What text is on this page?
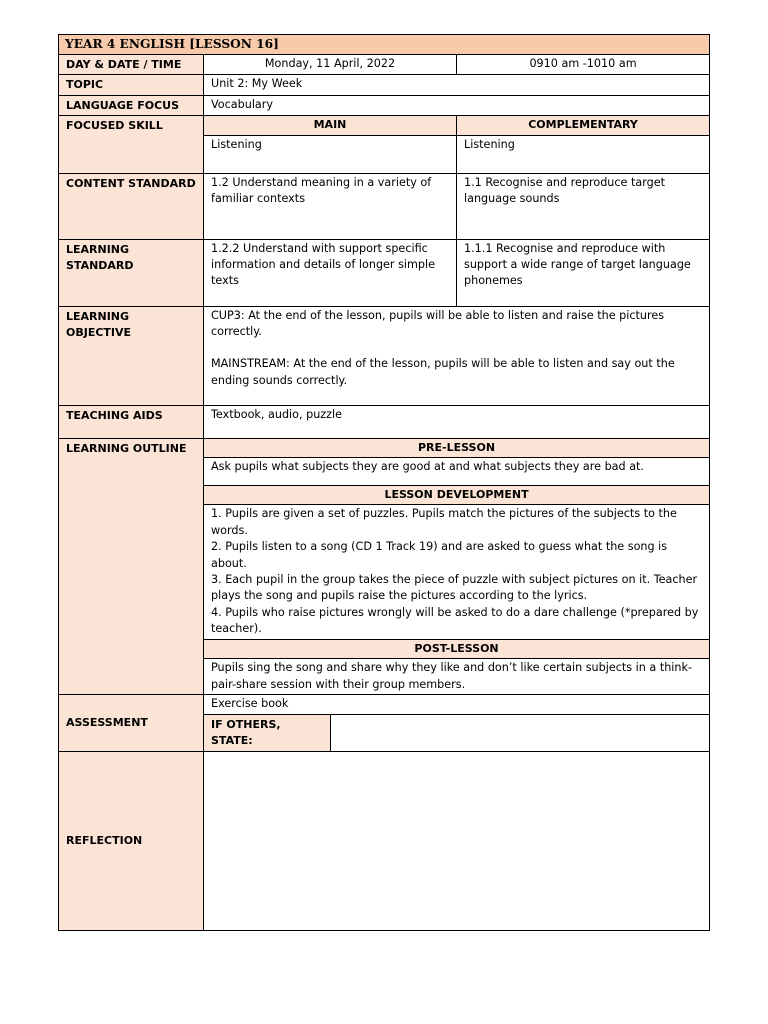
YEAR 4 ENGLISH [LESSON 16]
DAY & DATE / TIME	Monday, 11 April, 2022	0910 am -1010 am
TOPIC	Unit 2: My Week
LANGUAGE FOCUS	Vocabulary
FOCUSED SKILL	MAIN	COMPLEMENTARY
Listening	Listening
CONTENT STANDARD	1.2 Understand meaning in a variety of familiar contexts	1.1 Recognise and reproduce target language sounds
LEARNING STANDARD	1.2.2 Understand with support specific information and details of longer simple texts	1.1.1 Recognise and reproduce with support a wide range of target language phonemes
LEARNING OBJECTIVE	

CUP3: At the end of the lesson, pupils will be able to listen and raise the pictures correctly.

MAINSTREAM: At the end of the lesson, pupils will be able to listen and say out the ending sounds correctly.

TEACHING AIDS	Textbook, audio, puzzle
LEARNING OUTLINE		PRE-LESSON
Ask pupils what subjects they are good at and what subjects they are bad at.
LESSON DEVELOPMENT

1. Pupils are given a set of puzzles. Pupils match the pictures of the subjects to the words.

2. Pupils listen to a song (CD 1 Track 19) and are asked to guess what the song is about.

3. Each pupil in the group takes the piece of puzzle with subject pictures on it. Teacher plays the song and pupils raise the pictures according to the lyrics.

4. Pupils who raise pictures wrongly will be asked to do a dare challenge (*prepared by teacher).

POST-LESSON
Pupils sing the song and share why they like and don’t like certain subjects in a think-pair-share session with their group members.

ASSESSMENT	Exercise book

IF OTHERS, STATE:	

REFLECTION	
